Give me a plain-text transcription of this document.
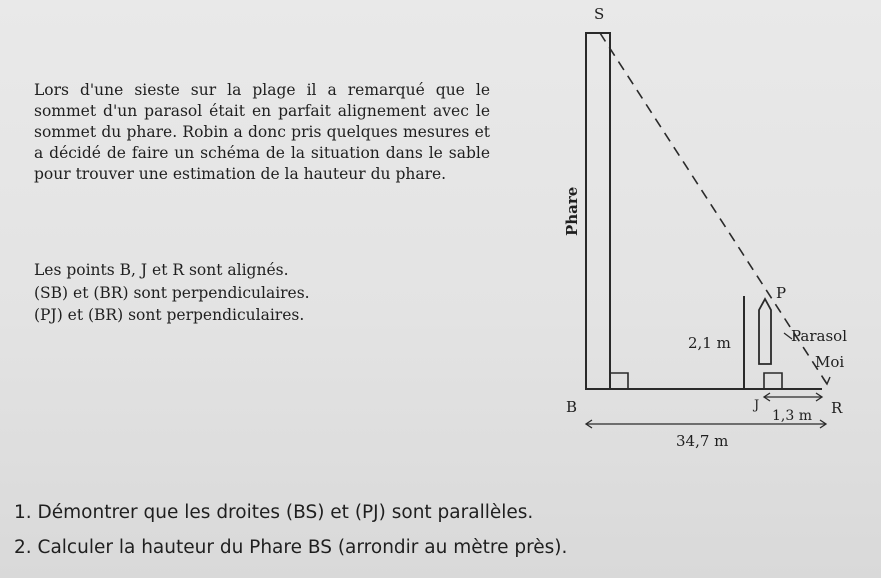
Lors d'une sieste sur la plage il a remarqué que le sommet d'un parasol était en parfait alignement avec le sommet du phare. Robin a donc pris quelques mesures et a décidé de faire un schéma de la situation dans le sable pour trouver une estimation de la hauteur du phare.

Les points B, J et R sont alignés.
(SB) et (BR) sont perpendiculaires.
(PJ) et (BR) sont perpendiculaires.
S
B
P
J	R
Phare
2,1 m	Parasol
Moi
1,3 m
34,7 m
1. Démontrer que les droites (BS) et (PJ) sont parallèles.
2. Calculer la hauteur du Phare BS (arrondir au mètre près).
